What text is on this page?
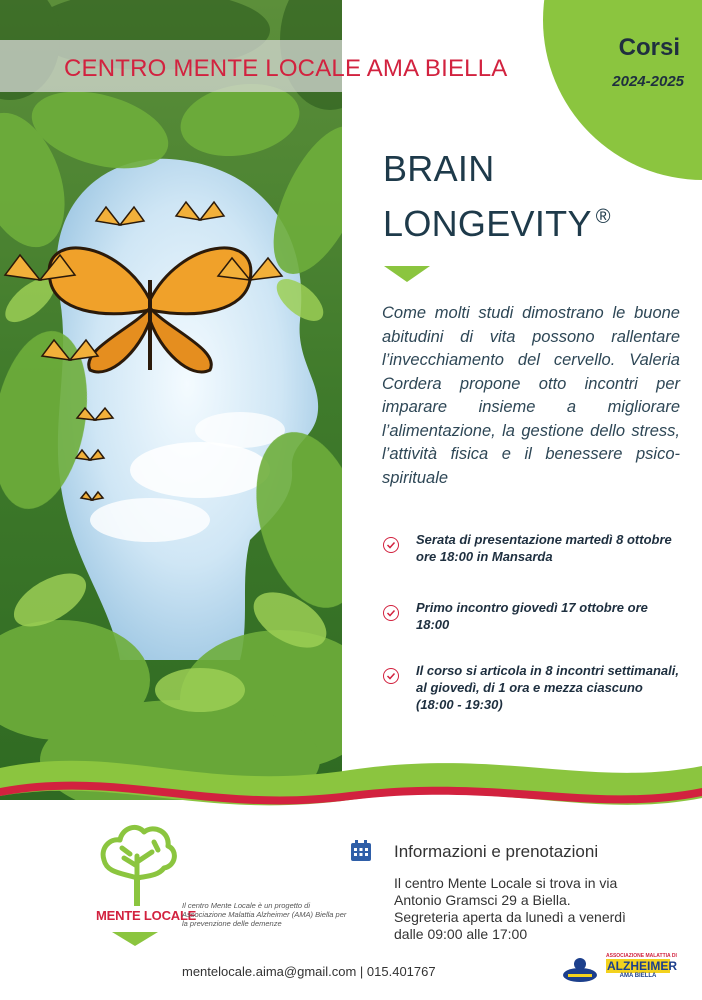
CENTRO MENTE LOCALE AMA BIELLA
Corsi
2024-2025
BRAIN
LONGEVITY ®
Come molti studi dimostrano le buone abitudini di vita possono rallentare l’invecchiamento del cervello. Valeria Cordera propone otto incontri per imparare insieme a migliorare l’alimentazione, la gestione dello stress, l’attività fisica e il benessere psico-spirituale
Serata di presentazione martedì 8 ottobre ore 18:00 in Mansarda
Primo incontro giovedì 17 ottobre ore 18:00
Il corso si articola in 8 incontri settimanali, al giovedì, di 1 ora e mezza ciascuno (18:00 - 19:30)
MENTE LOCALE
Il centro Mente Locale è un progetto di Associazione Malattia Alzheimer (AMA) Biella per la prevenzione delle demenze
Informazioni e prenotazioni
Il centro Mente Locale si trova in via Antonio Gramsci 29 a Biella. Segreteria aperta da lunedì a venerdì dalle 09:00 alle 17:00
mentelocale.aima@gmail.com | 015.401767
ASSOCIAZIONE MALATTIA DI
ALZHEIMER
AMA BIELLA
